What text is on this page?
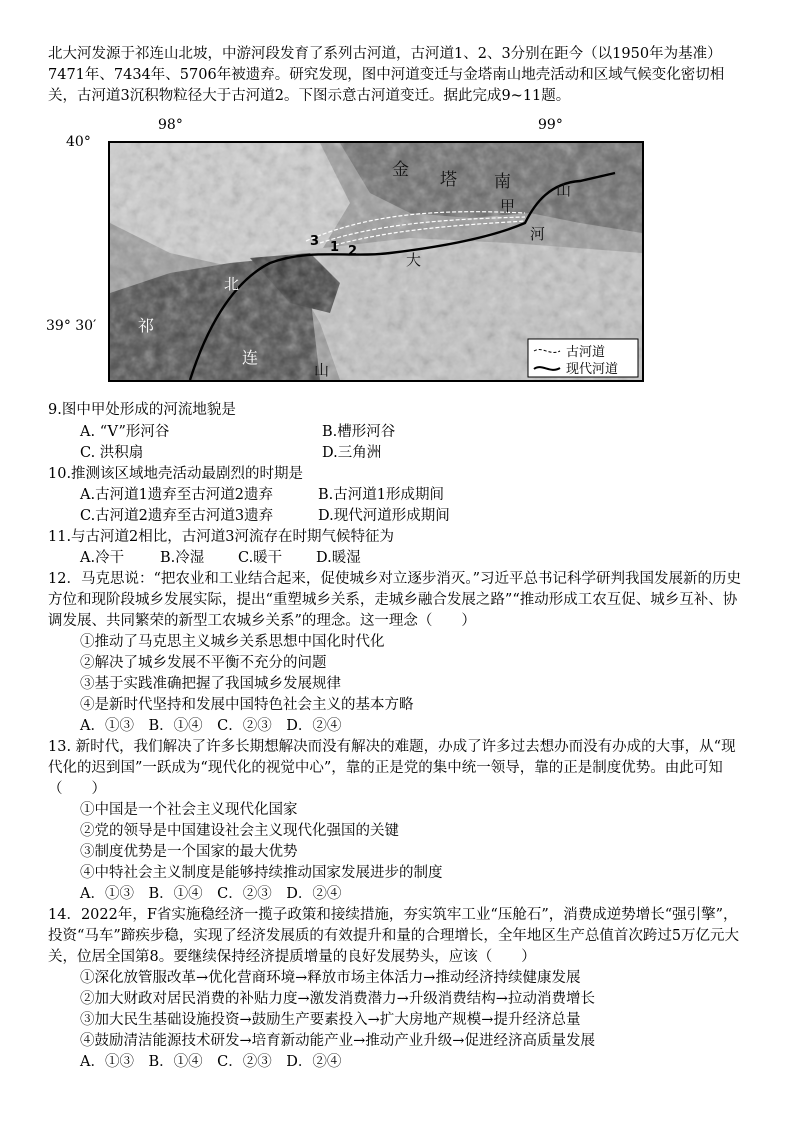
北大河发源于祁连山北坡，中游河段发育了系列古河道，古河道1、2、3分别在距今（以1950年为基准）7471年、7434年、5706年被遗弃。研究发现，图中河道变迁与金塔南山地壳活动和区域气候变化密切相关，古河道3沉积物粒径大于古河道2。下图示意古河道变迁。据此完成9~11题。
98°	99°
40°
39° 30′
金 塔 南	山
甲
河
大
北
祁
连
山
3 1 2
古河道
现代河道
9.图中甲处形成的河流地貌是
A. “V”形河谷	B.槽形河谷
C. 洪积扇	D.三角洲
10.推测该区域地壳活动最剧烈的时期是
A.古河道1遗弃至古河道2遗弃	B.古河道1形成期间
C.古河道2遗弃至古河道3遗弃	D.现代河道形成期间
11.与古河道2相比，古河道3河流存在时期气候特征为
A.冷干 B.冷湿 C.暖干 D.暖湿
12．马克思说：“把农业和工业结合起来，促使城乡对立逐步消灭。”习近平总书记科学研判我国发展新的历史方位和现阶段城乡发展实际，提出“重塑城乡关系，走城乡融合发展之路”“推动形成工农互促、城乡互补、协调发展、共同繁荣的新型工农城乡关系”的理念。这一理念（　　）
①推动了马克思主义城乡关系思想中国化时代化
②解决了城乡发展不平衡不充分的问题
③基于实践准确把握了我国城乡发展规律
④是新时代坚持和发展中国特色社会主义的基本方略
A．①③　B．①④　C．②③　D．②④
13. 新时代，我们解决了许多长期想解决而没有解决的难题，办成了许多过去想办而没有办成的大事，从“现代化的迟到国”一跃成为“现代化的视觉中心”，靠的正是党的集中统一领导，靠的正是制度优势。由此可知（　　）
①中国是一个社会主义现代化国家
②党的领导是中国建设社会主义现代化强国的关键
③制度优势是一个国家的最大优势
④中特社会主义制度是能够持续推动国家发展进步的制度
A．①③　B．①④　C．②③　D．②④
14．2022年，F省实施稳经济一揽子政策和接续措施，夯实筑牢工业“压舱石”，消费成逆势增长“强引擎”，投资“马车”蹄疾步稳，实现了经济发展质的有效提升和量的合理增长，全年地区生产总值首次跨过5万亿元大关，位居全国第8。要继续保持经济提质增量的良好发展势头，应该（　　）
①深化放管服改革→优化营商环境→释放市场主体活力→推动经济持续健康发展
②加大财政对居民消费的补贴力度→激发消费潜力→升级消费结构→拉动消费增长
③加大民生基础设施投资→鼓励生产要素投入→扩大房地产规模→提升经济总量
④鼓励清洁能源技术研发→培育新动能产业→推动产业升级→促进经济高质量发展
A．①③　B．①④　C．②③　D．②④
